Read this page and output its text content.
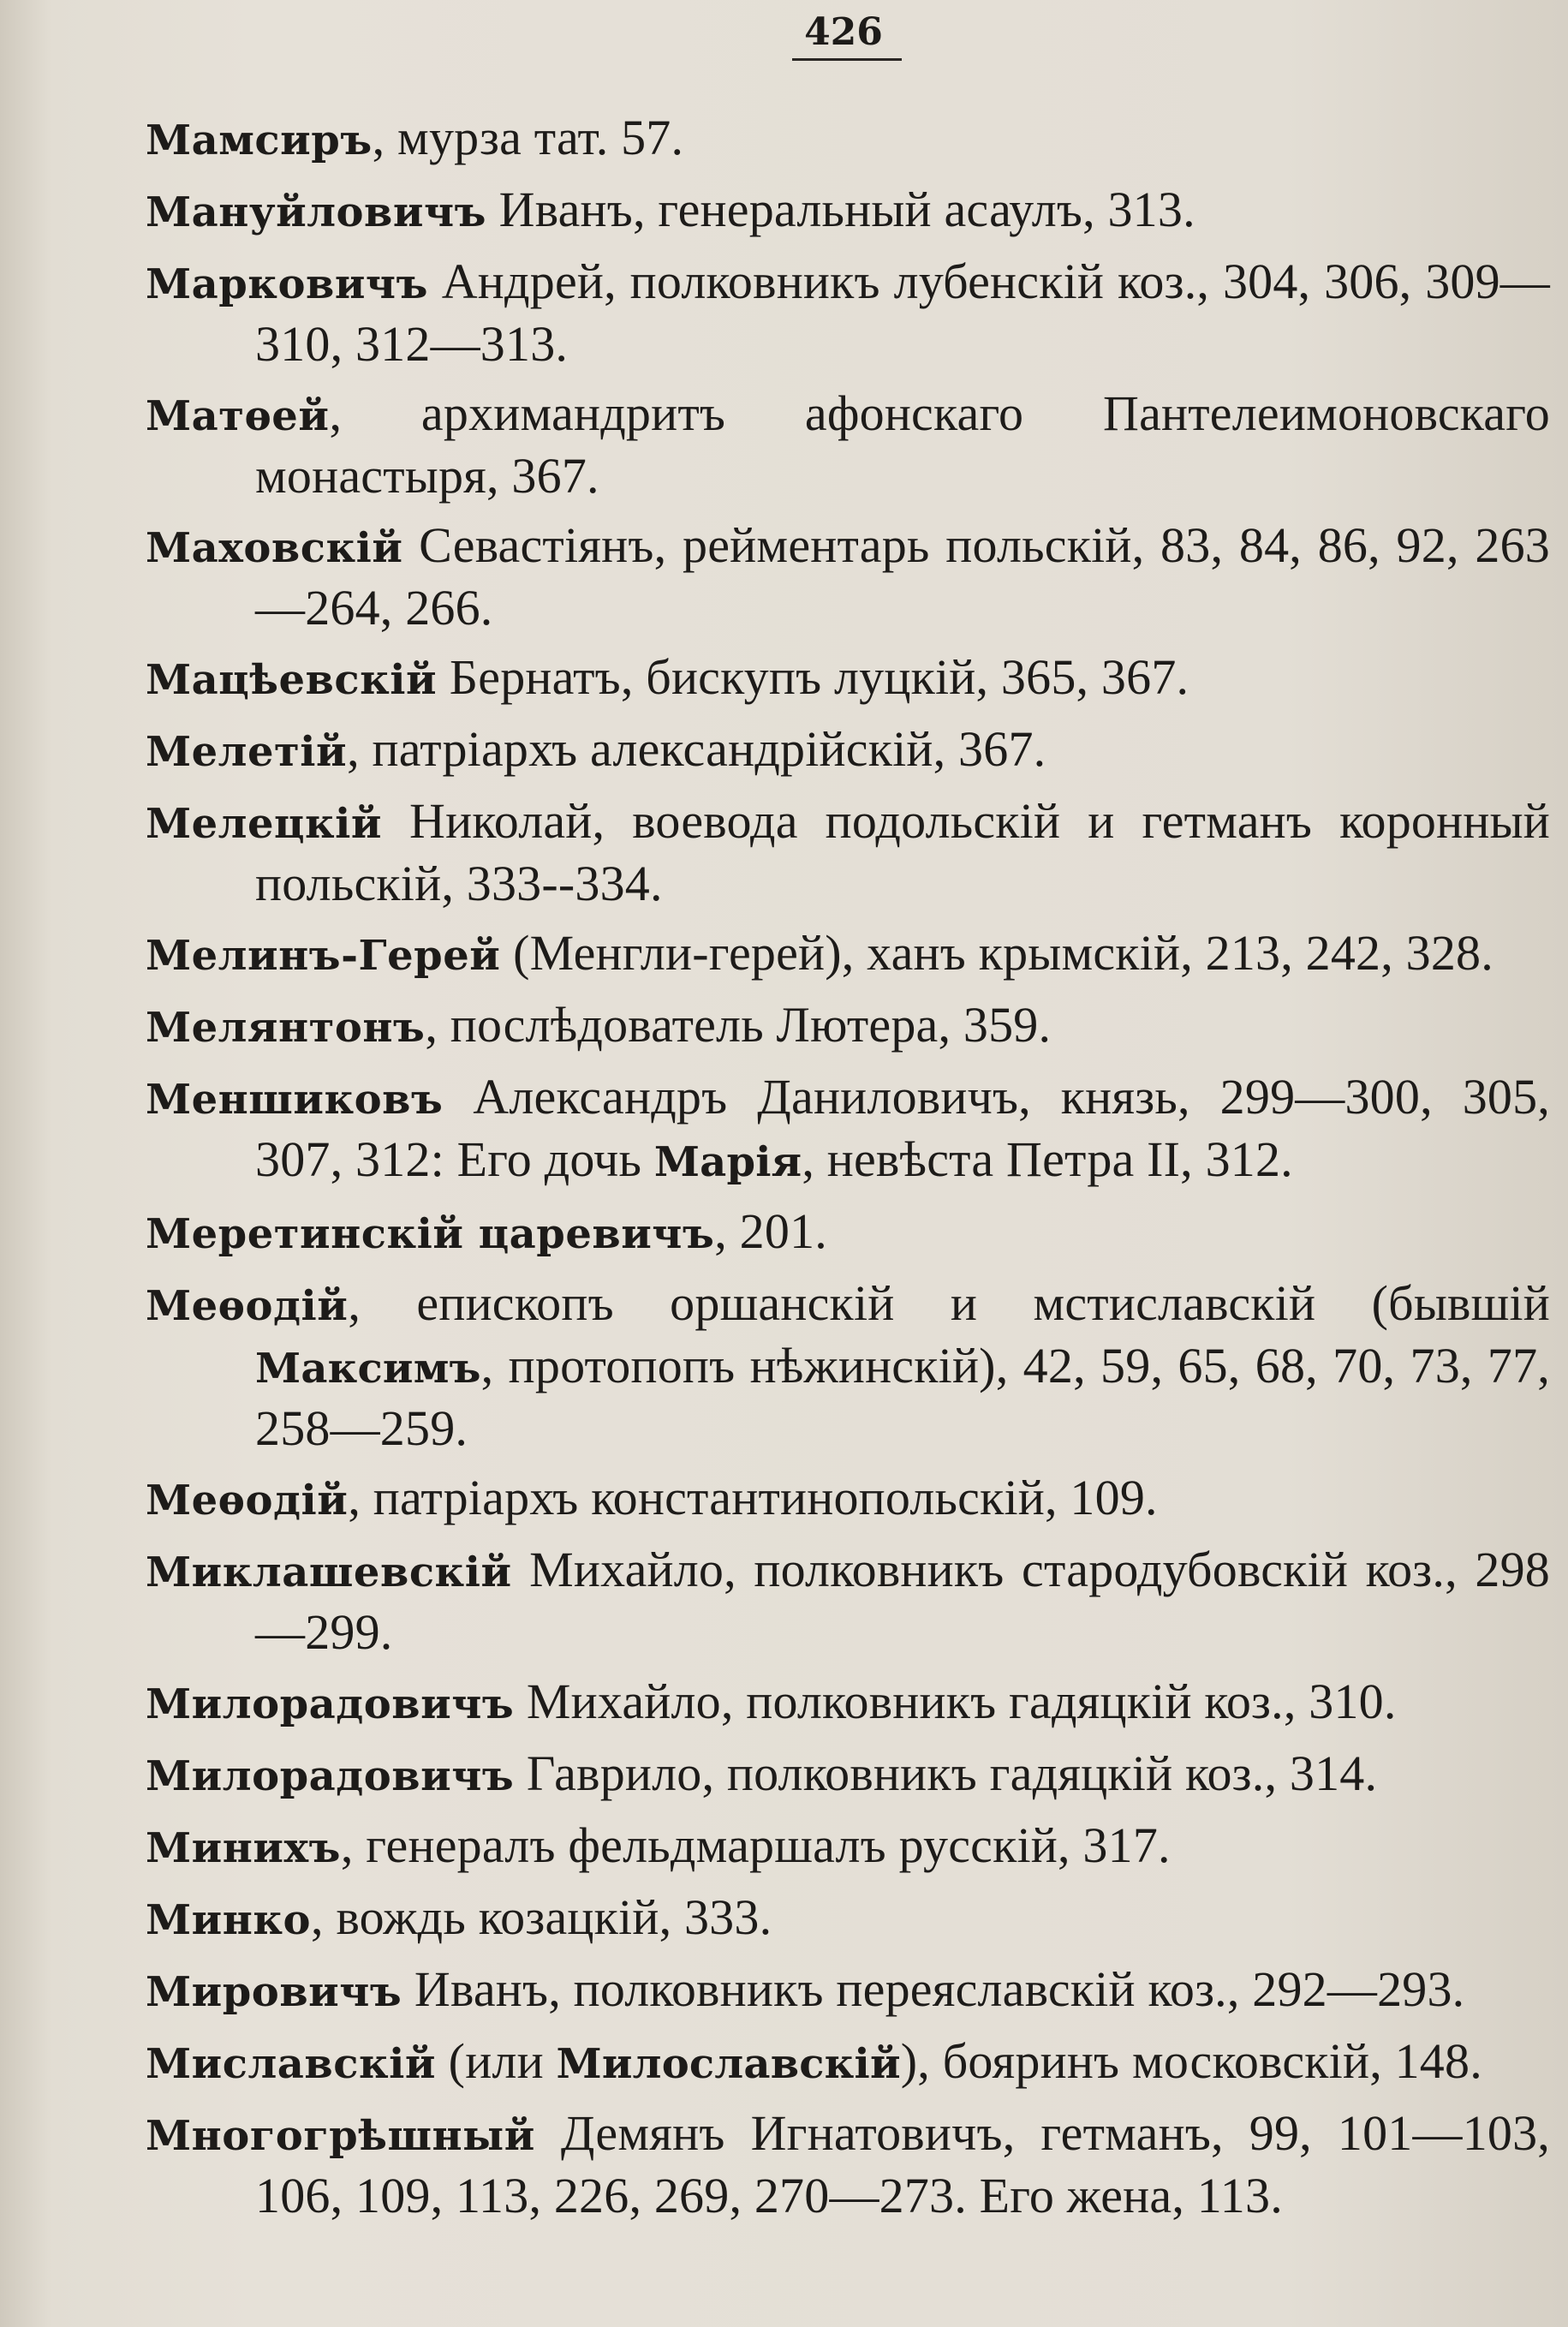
426
Мамсиръ, мурза тат. 57.
Мануйловичъ Иванъ, генеральный асаулъ, 313.
Марковичъ Андрей, полковникъ лубенскій коз., 304, 306, 309—310, 312—313.
Матѳей, архимандритъ афонскаго Пантелеимоновскаго монастыря, 367.
Маховскій Севастіянъ, рейментарь польскій, 83, 84, 86, 92, 263—264, 266.
Мацѣевскій Бернатъ, бискупъ луцкій, 365, 367.
Мелетій, патріархъ александрійскій, 367.
Мелецкій Николай, воевода подольскій и гетманъ коронный польскій, 333--334.
Мелинъ-Герей (Менгли-герей), ханъ крымскій, 213, 242, 328.
Мелянтонъ, послѣдователь Лютера, 359.
Меншиковъ Александръ Даниловичъ, князь, 299—300, 305, 307, 312: Его дочь Марія, невѣста Петра II, 312.
Меретинскій царевичъ, 201.
Меѳодій, епископъ оршанскій и мстиславскій (бывшій Максимъ, протопопъ нѣжинскій), 42, 59, 65, 68, 70, 73, 77, 258—259.
Меѳодій, патріархъ константинопольскій, 109.
Миклашевскій Михайло, полковникъ стародубовскій коз., 298—299.
Милорадовичъ Михайло, полковникъ гадяцкій коз., 310.
Милорадовичъ Гаврило, полковникъ гадяцкій коз., 314.
Минихъ, генералъ фельдмаршалъ русскій, 317.
Минко, вождь козацкій, 333.
Мировичъ Иванъ, полковникъ переяславскій коз., 292—293.
Миславскій (или Милославскій), бояринъ московскій, 148.
Многогрѣшный Демянъ Игнатовичъ, гетманъ, 99, 101—103, 106, 109, 113, 226, 269, 270—273. Его жена, 113.
